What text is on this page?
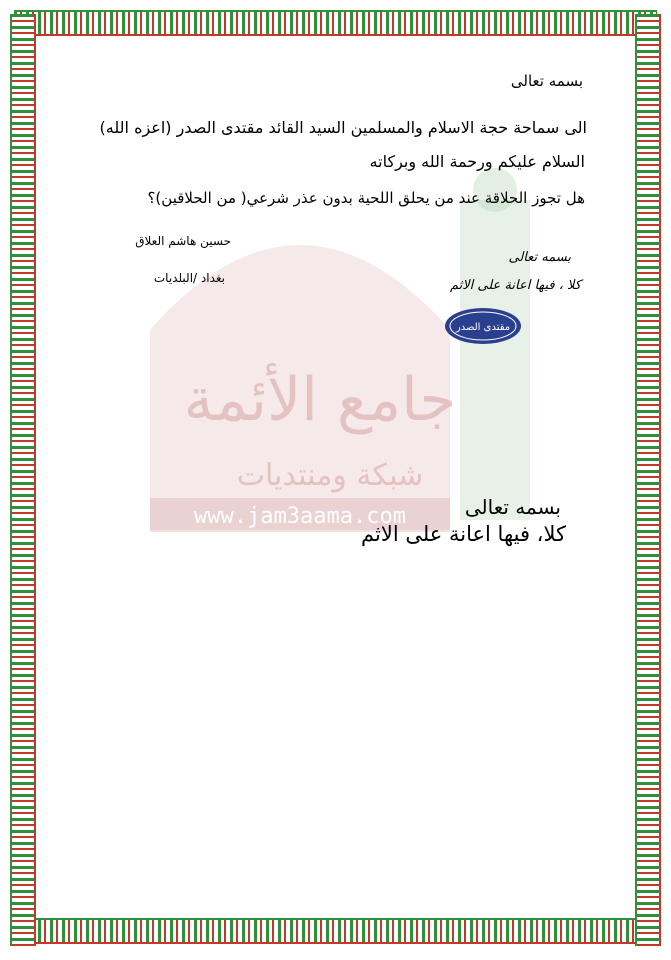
جامع الأئمة
شبكة ومنتديات
www.jam3aama.com
بسمه تعالى
الى سماحة حجة الاسلام والمسلمين السيد القائد مقتدى الصدر (اعزه الله)
السلام عليكم ورحمة الله وبركاته
هل تجوز الحلاقة عند من يحلق اللحية بدون عذر شرعي( من الحلاقين)؟
حسين هاشم العلاق
بغداد /البلديات
بسمه تعالى
كلا ، فيها اعانة على الاثم
مقتدى الصدر
بسمه تعالى
كلا، فيها اعانة على الاثم
